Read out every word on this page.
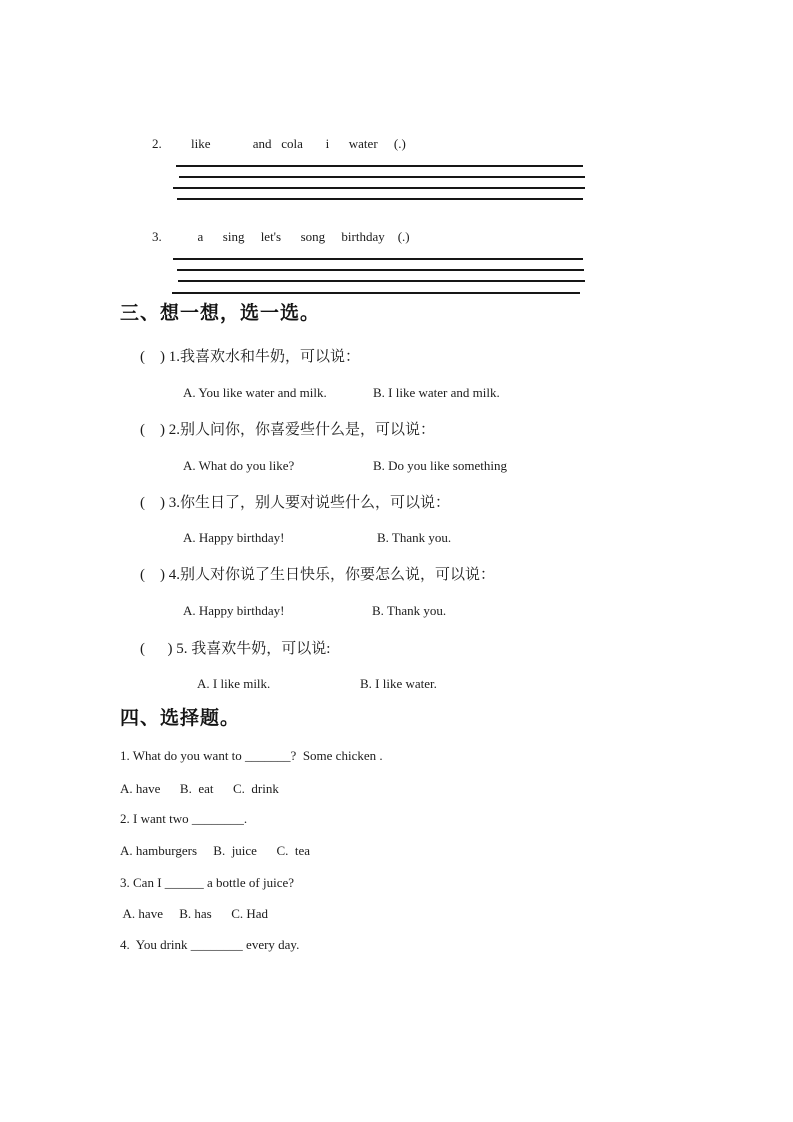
2.         like             and   cola       i      water     (.)
3.           a      sing     let's      song     birthday    (.)
三、想一想，选一选。
(    ) 1.我喜欢水和牛奶，可以说：
A. You like water and milk.	B. I like water and milk.
(    ) 2.别人问你，你喜爱些什么是，可以说：
A. What do you like?	B. Do you like something
(    ) 3.你生日了，别人要对说些什么，可以说：
A. Happy birthday!	B. Thank you.
(    ) 4.别人对你说了生日快乐，你要怎么说，可以说：
A. Happy birthday!	B. Thank you.
(      ) 5. 我喜欢牛奶，可以说:
A. I like milk.	B. I like water.
四、选择题。
1. What do you want to _______?  Some chicken .
A. have      B.  eat      C.  drink
2. I want two ________.
A. hamburgers     B.  juice      C.  tea
3. Can I ______ a bottle of juice?
A. have     B. has      C. Had
4.  You drink ________ every day.
